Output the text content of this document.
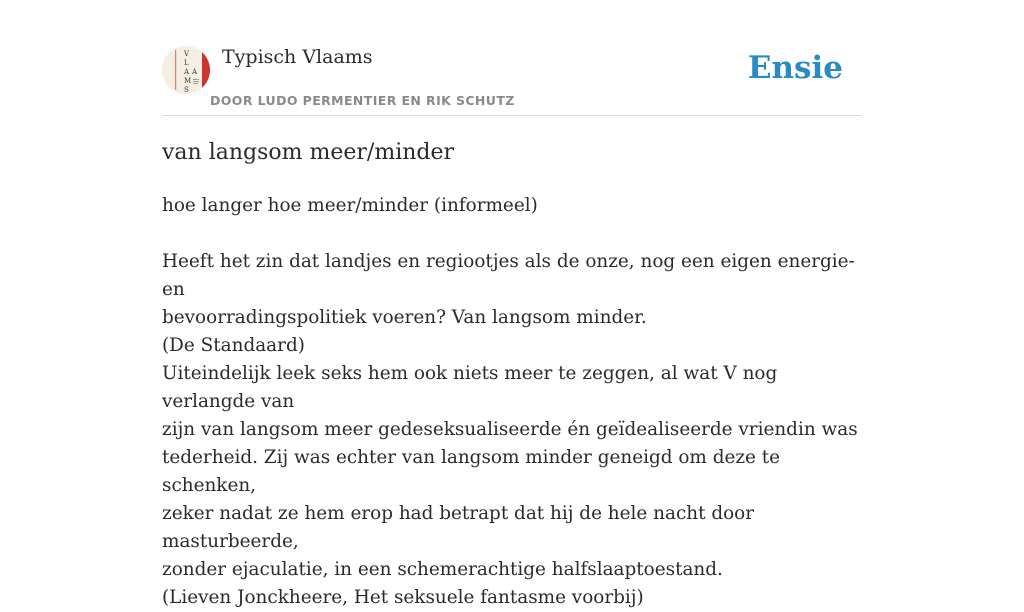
V
L
A A
M
S
Typisch Vlaams
DOOR LUDO PERMENTIER EN RIK SCHUTZ
Ensie
van langsom meer/minder

hoe langer hoe meer/minder (informeel)

Heeft het zin dat landjes en regiootjes als de onze, nog een eigen energie- en

bevoorradingspolitiek voeren? Van langsom minder.

(De Standaard)

Uiteindelijk leek seks hem ook niets meer te zeggen, al wat V nog verlangde van

zijn van langsom meer gedeseksualiseerde én geïdealiseerde vriendin was

tederheid. Zij was echter van langsom minder geneigd om deze te schenken,

zeker nadat ze hem erop had betrapt dat hij de hele nacht door masturbeerde,

zonder ejaculatie, in een schemerachtige halfslaaptoestand.

(Lieven Jonckheere, Het seksuele fantasme voorbij)
